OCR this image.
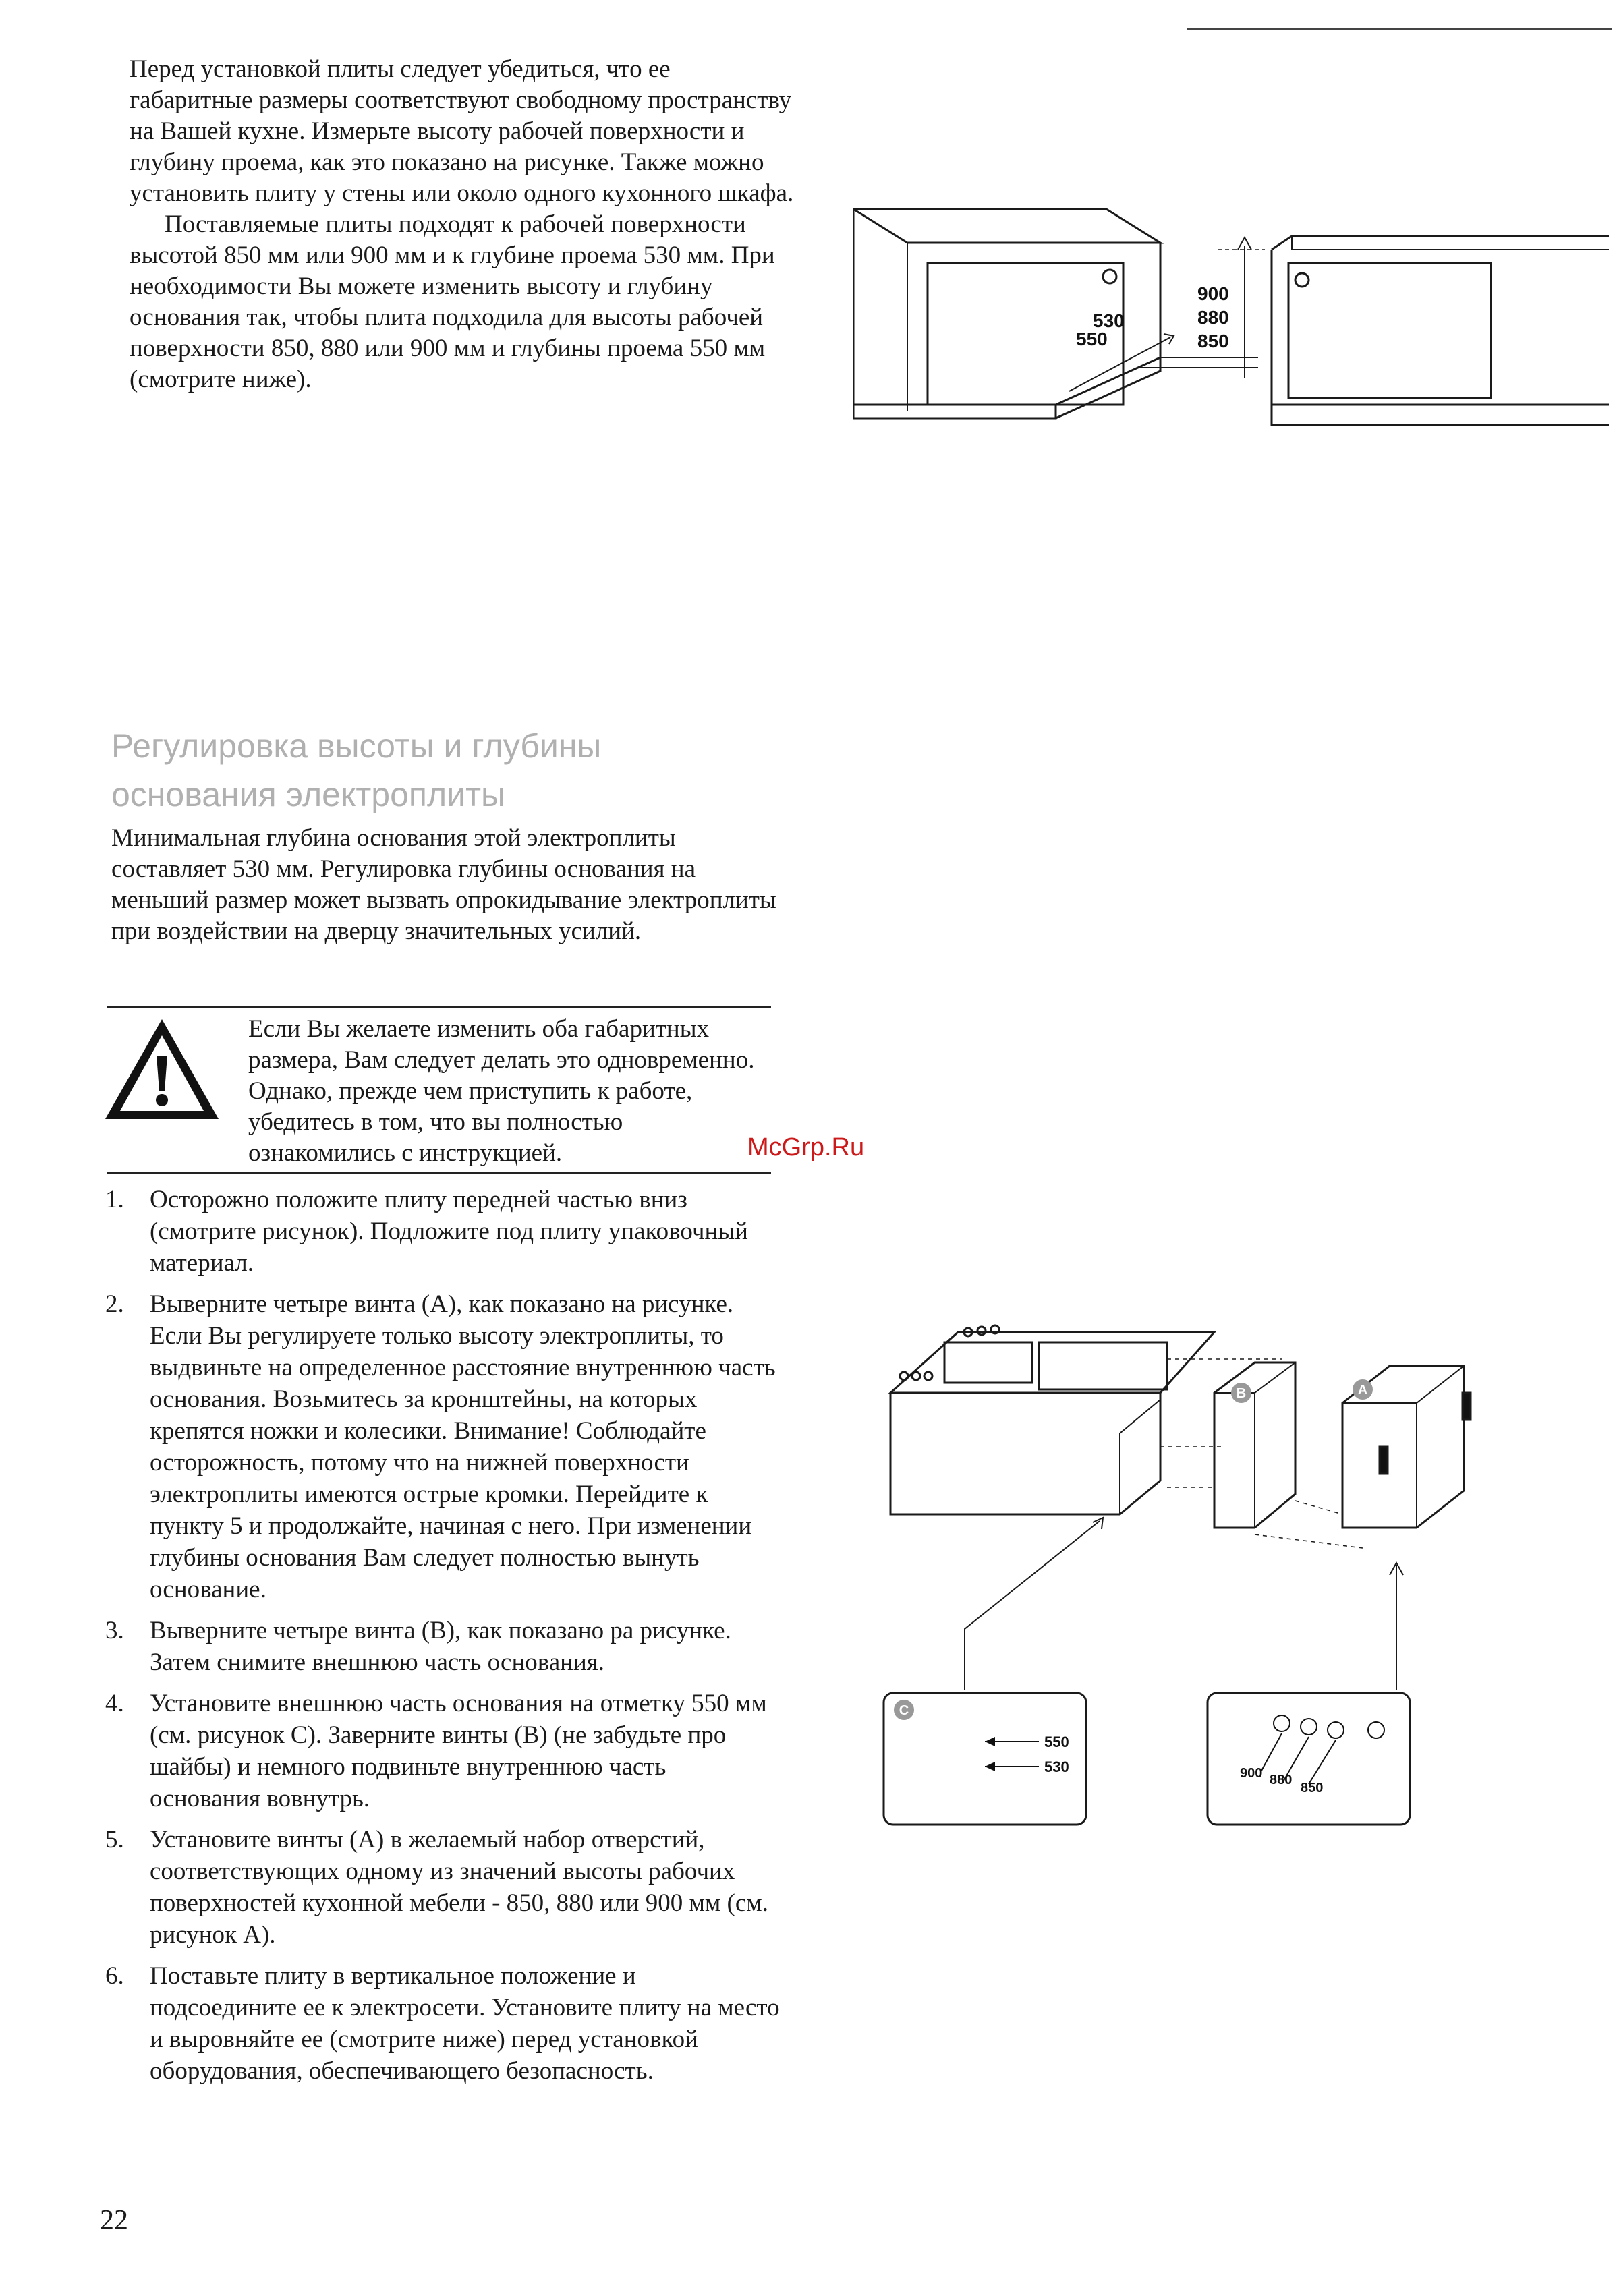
Перед установкой плиты следует убедиться, что ее габаритные размеры соответствуют свободному пространству на Вашей кухне. Измерьте высоту рабочей поверхности и глубину проема, как это показано на рисунке. Также можно установить плиту у стены или около одного кухонного шкафа.

Поставляемые плиты подходят к рабочей поверхности высотой 850 мм или 900 мм и к глубине проема 530 мм. При необходимости Вы можете изменить высоту и глубину основания так, чтобы плита подходила для высоты рабочей поверхности 850, 880 или 900 мм и глубины проема 550 мм (смотрите ниже).

530
550
900
880
850
Регулировка высоты и глубины
основания электроплиты
Минимальная глубина основания этой электроплиты составляет 530 мм. Регулировка глубины основания на меньший размер может вызвать опрокидывание электроплиты при воздействии на дверцу значительных усилий.
Если Вы желаете изменить оба габаритных размера, Вам следует делать это одновременно. Однако, прежде чем приступить к работе, убедитесь в том, что вы полностью ознакомились с инструкцией.
1. Осторожно положите плиту передней частью вниз (смотрите рисунок). Подложите под плиту упаковочный материал.
2. Выверните четыре винта (A), как показано на рисунке. Если Вы регулируете только высоту электроплиты, то выдвиньте на определенное расстояние внутреннюю часть основания. Возьмитесь за кронштейны, на которых крепятся ножки и колесики. Внимание! Соблюдайте осторожность, потому что на нижней поверхности электроплиты имеются острые кромки. Перейдите к пункту 5 и продолжайте, начиная с него. При изменении глубины основания Вам следует полностью вынуть основание.
3. Выверните четыре винта (B), как показано ра рисунке. Затем снимите внешнюю часть основания.
4. Установите внешнюю часть основания на отметку 550 мм (см. рисунок C). Заверните винты (B) (не забудьте про шайбы) и немного подвиньте внутреннюю часть основания вовнутрь.
5. Установите винты (A) в желаемый набор отверстий, соответствующих одному из значений высоты рабочих поверхностей кухонной мебели - 850, 880 или 900 мм (см. рисунок A).
6. Поставьте плиту в вертикальное положение и подсоедините ее к электросети. Установите плиту на место и выровняйте ее (смотрите ниже) перед установкой оборудования, обеспечивающего безопасность.
550
530	900 880
850
B	A
C
McGrp.Ru
22
